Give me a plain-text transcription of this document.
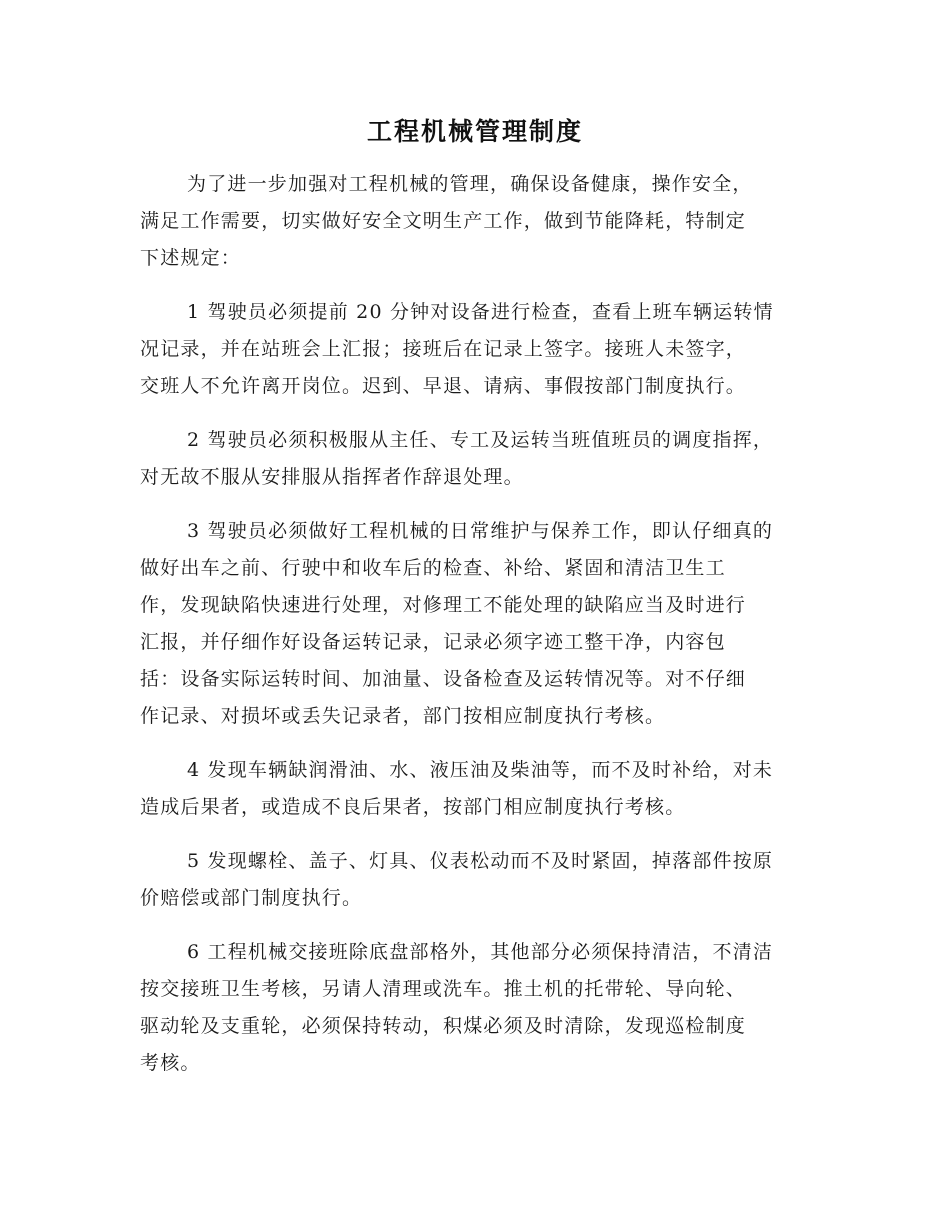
工程机械管理制度
为了进一步加强对工程机械的管理，确保设备健康，操作安全，
满足工作需要，切实做好安全文明生产工作，做到节能降耗，特制定
下述规定：
1 驾驶员必须提前 20 分钟对设备进行检查，查看上班车辆运转情
况记录，并在站班会上汇报；接班后在记录上签字。接班人未签字，
交班人不允许离开岗位。迟到、早退、请病、事假按部门制度执行。
2 驾驶员必须积极服从主任、专工及运转当班值班员的调度指挥，
对无故不服从安排服从指挥者作辞退处理。
3 驾驶员必须做好工程机械的日常维护与保养工作，即认仔细真的
做好出车之前、行驶中和收车后的检查、补给、紧固和清洁卫生工
作，发现缺陷快速进行处理，对修理工不能处理的缺陷应当及时进行
汇报，并仔细作好设备运转记录，记录必须字迹工整干净，内容包
括：设备实际运转时间、加油量、设备检查及运转情况等。对不仔细
作记录、对损坏或丢失记录者，部门按相应制度执行考核。
4 发现车辆缺润滑油、水、液压油及柴油等，而不及时补给，对未
造成后果者，或造成不良后果者，按部门相应制度执行考核。
5 发现螺栓、盖子、灯具、仪表松动而不及时紧固，掉落部件按原
价赔偿或部门制度执行。
6 工程机械交接班除底盘部格外，其他部分必须保持清洁，不清洁
按交接班卫生考核，另请人清理或洗车。推土机的托带轮、导向轮、
驱动轮及支重轮，必须保持转动，积煤必须及时清除，发现巡检制度
考核。
